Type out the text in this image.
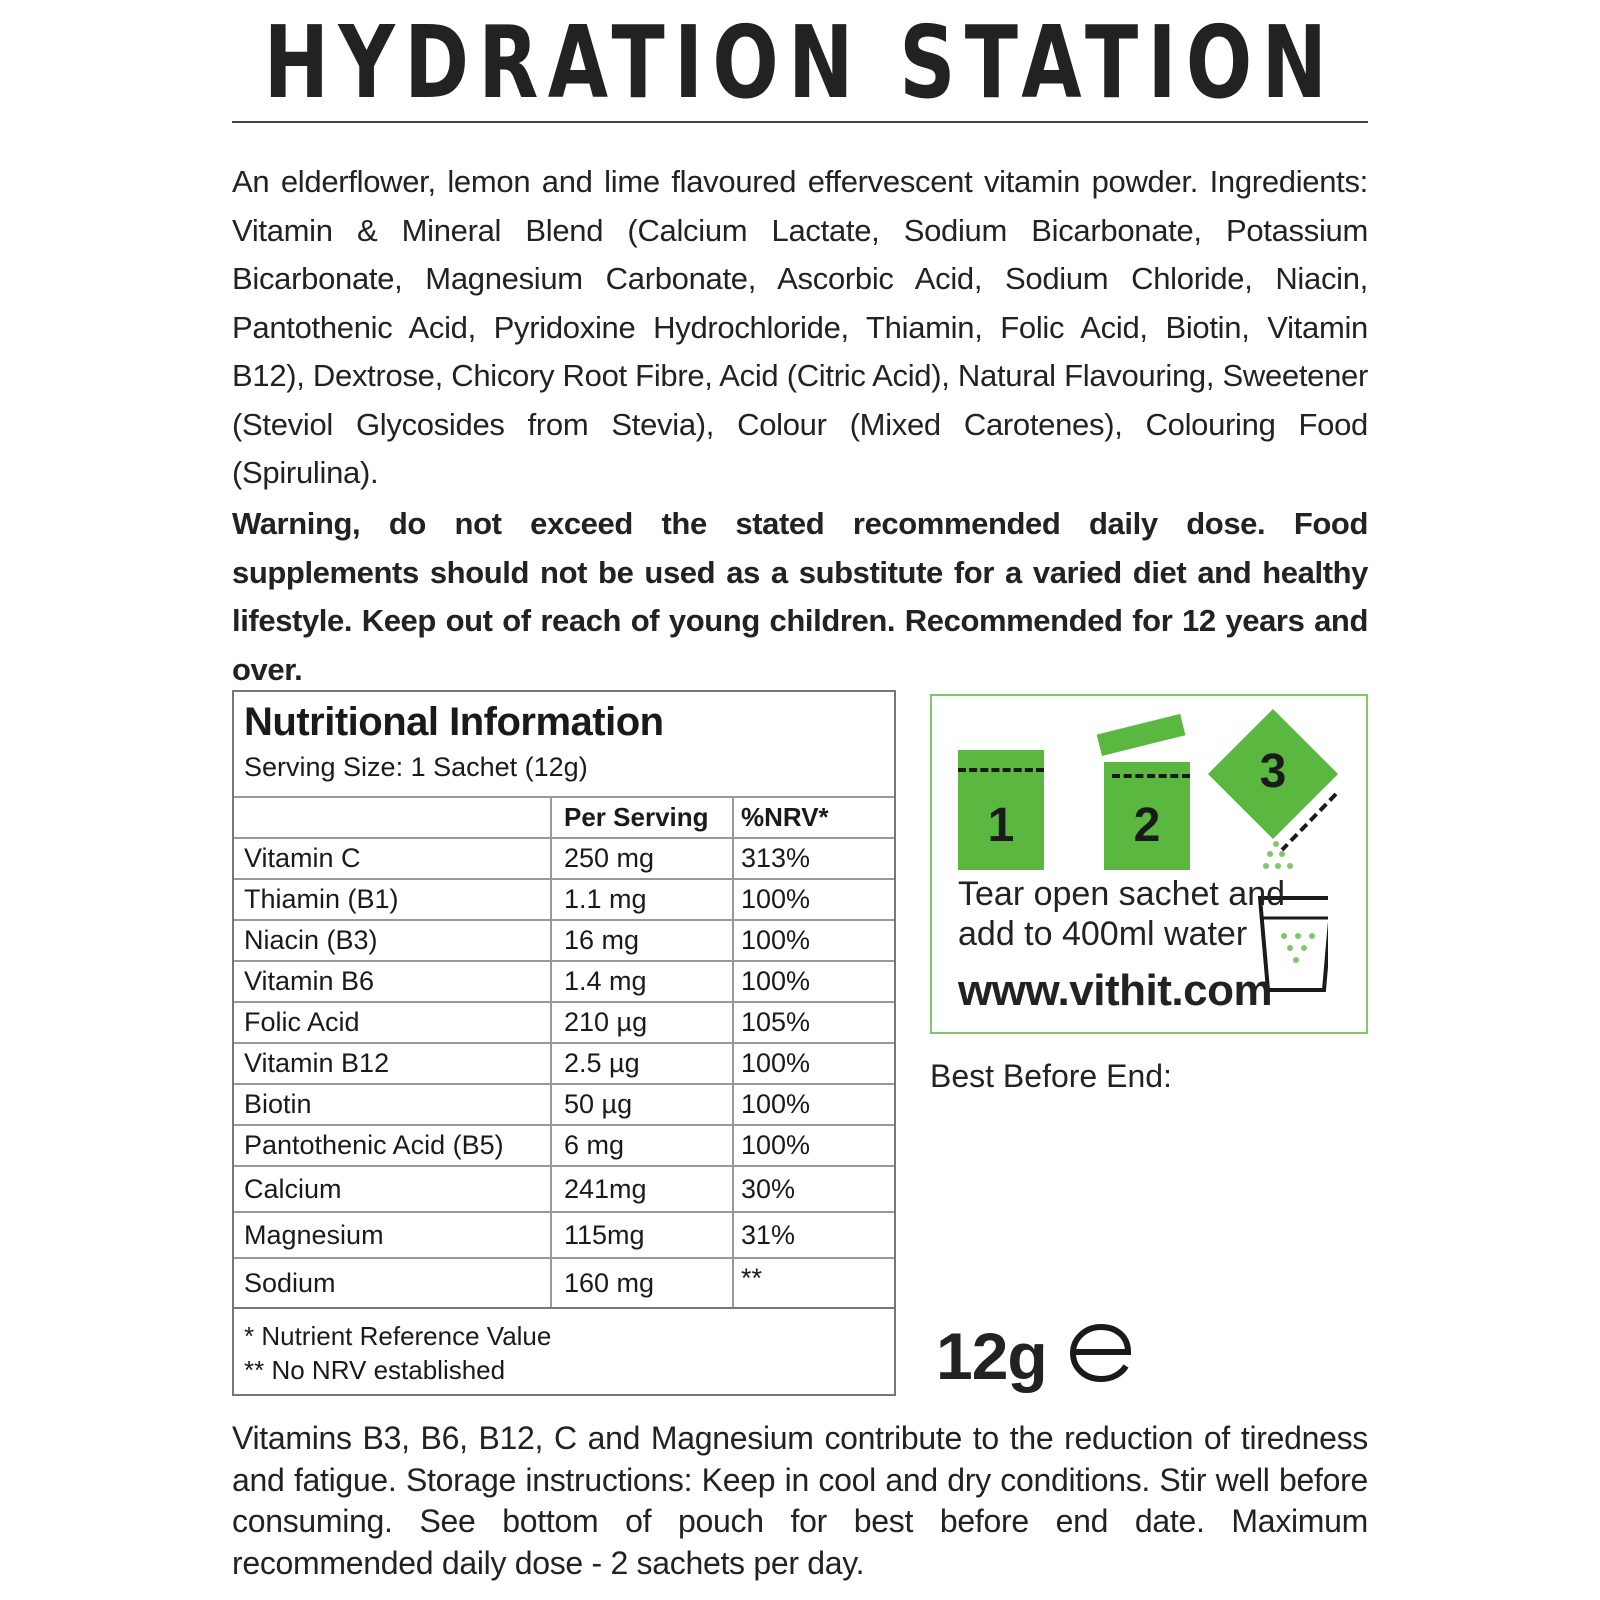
HYDRATION STATION

An elderflower, lemon and lime flavoured effervescent vitamin powder. Ingredients: Vitamin & Mineral Blend (Calcium Lactate, Sodium Bicarbonate, Potassium Bicarbonate, Magnesium Carbonate, Ascorbic Acid, Sodium Chloride, Niacin, Pantothenic Acid, Pyridoxine Hydrochloride, Thiamin, Folic Acid, Biotin, Vitamin B12), Dextrose, Chicory Root Fibre, Acid (Citric Acid), Natural Flavouring, Sweetener (Steviol Glycosides from Stevia), Colour (Mixed Carotenes), Colouring Food (Spirulina).

Warning, do not exceed the stated recommended daily dose. Food supplements should not be used as a substitute for a varied diet and healthy lifestyle. Keep out of reach of young children. Recommended for 12 years and over.

Nutritional Information
Serving Size: 1 Sachet (12g)
	Per Serving	%NRV*
Vitamin C	250 mg	313%
Thiamin (B1)	1.1 mg	100%
Niacin (B3)	16 mg	100%
Vitamin B6	1.4 mg	100%
Folic Acid	210 µg	105%
Vitamin B12	2.5 µg	100%
Biotin	50 µg	100%
Pantothenic Acid (B5)	6 mg	100%
Calcium	241mg	30%
Magnesium	115mg	31%
Sodium	160 mg	**
* Nutrient Reference Value
** No NRV established
1	2
3

Tear open sachet and
add to 400ml water

www.vithit.com
Best Before End:
12g

Vitamins B3, B6, B12, C and Magnesium contribute to the reduction of tiredness and fatigue. Storage instructions: Keep in cool and dry conditions. Stir well before consuming. See bottom of pouch for best before end date. Maximum recommended daily dose - 2 sachets per day.
